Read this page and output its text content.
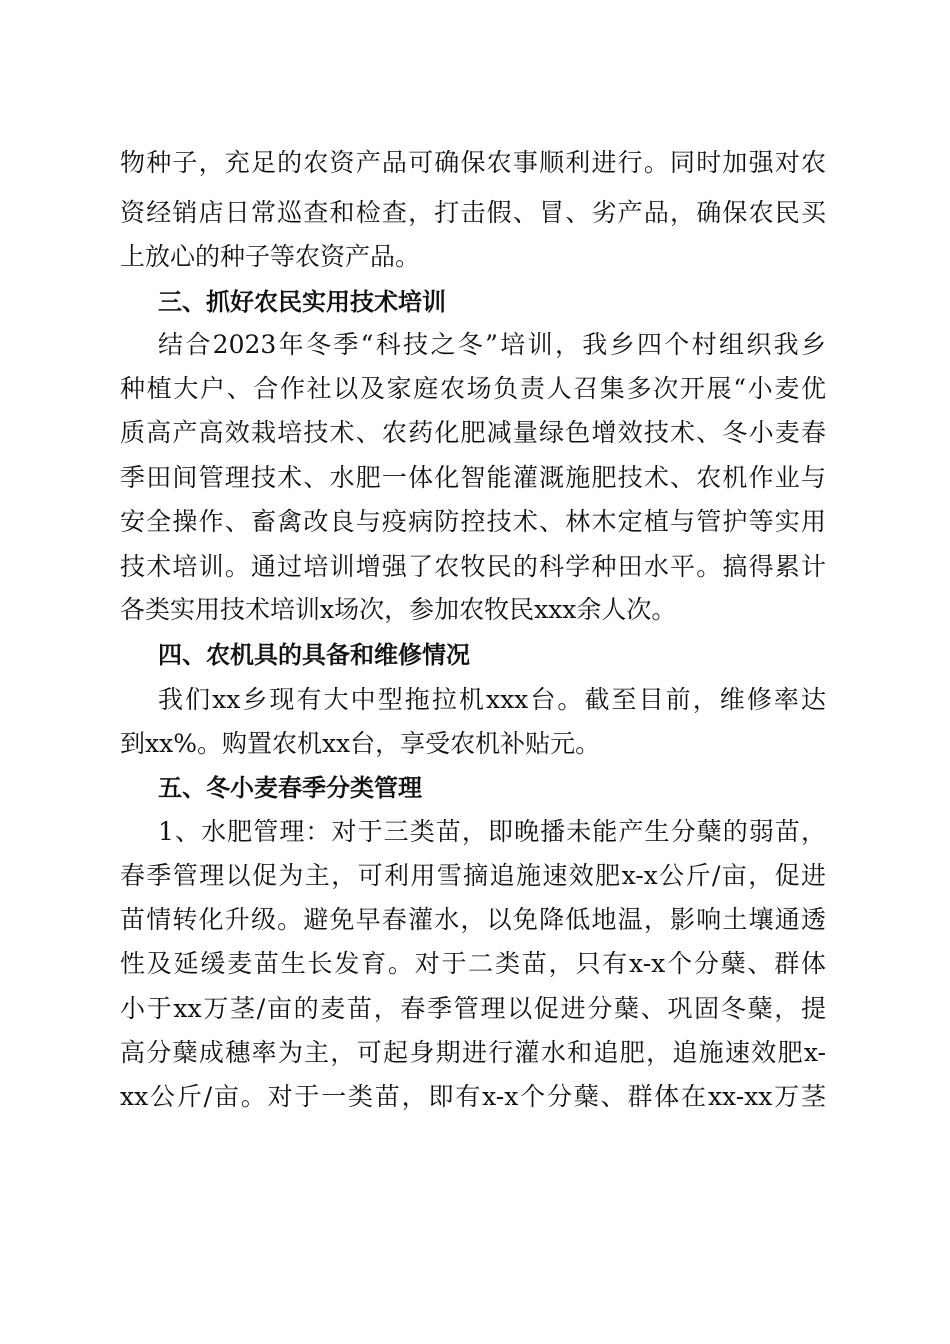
物种子，充足的农资产品可确保农事顺利进行。同时加强对农
资经销店日常巡查和检查，打击假、冒、劣产品，确保农民买
上放心的种子等农资产品。
三、抓好农民实用技术培训
结合2023年冬季“科技之冬”培训，我乡四个村组织我乡
种植大户、合作社以及家庭农场负责人召集多次开展“小麦优
质高产高效栽培技术、农药化肥减量绿色增效技术、冬小麦春
季田间管理技术、水肥一体化智能灌溉施肥技术、农机作业与
安全操作、畜禽改良与疫病防控技术、林木定植与管护等实用
技术培训。通过培训增强了农牧民的科学种田水平。搞得累计
各类实用技术培训x场次，参加农牧民xxx余人次。
四、农机具的具备和维修情况
我们xx乡现有大中型拖拉机xxx台。截至目前，维修率达
到xx%。购置农机xx台，享受农机补贴元。
五、冬小麦春季分类管理
1、水肥管理：对于三类苗，即晚播未能产生分蘖的弱苗，
春季管理以促为主，可利用雪摘追施速效肥x-x公斤/亩，促进
苗情转化升级。避免早春灌水，以免降低地温，影响土壤通透
性及延缓麦苗生长发育。对于二类苗，只有x-x个分蘖、群体
小于xx万茎/亩的麦苗，春季管理以促进分蘖、巩固冬蘖，提
高分蘖成穗率为主，可起身期进行灌水和追肥，追施速效肥x-
xx公斤/亩。对于一类苗，即有x-x个分蘖、群体在xx-xx万茎
